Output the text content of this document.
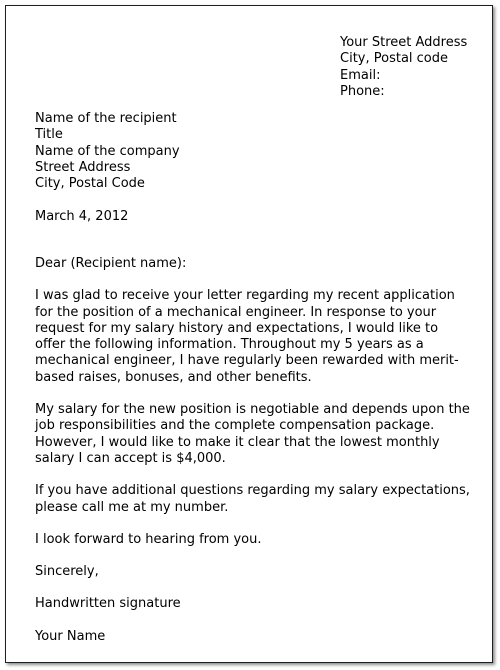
Your Street Address
City, Postal code
Email:
Phone:
Name of the recipient
Title
Name of the company
Street Address
City, Postal Code
March 4, 2012

Dear (Recipient name):

I was glad to receive your letter regarding my recent application
for the position of a mechanical engineer. In response to your
request for my salary history and expectations, I would like to
offer the following information. Throughout my 5 years as a
mechanical engineer, I have regularly been rewarded with merit-
based raises, bonuses, and other benefits.

My salary for the new position is negotiable and depends upon the
job responsibilities and the complete compensation package.
However, I would like to make it clear that the lowest monthly
salary I can accept is $4,000.

If you have additional questions regarding my salary expectations,
please call me at my number.

I look forward to hearing from you.

Sincerely,

Handwritten signature

Your Name
